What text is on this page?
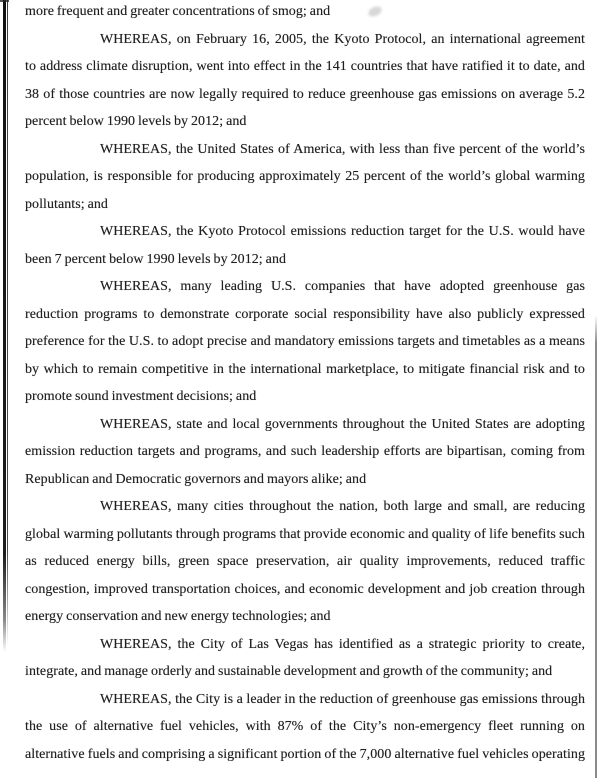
more frequent and greater concentrations of smog; and
WHEREAS, on February 16, 2005, the Kyoto Protocol, an international agreement
to address climate disruption, went into effect in the 141 countries that have ratified it to date, and
38 of those countries are now legally required to reduce greenhouse gas emissions on average 5.2
percent below 1990 levels by 2012; and
WHEREAS, the United States of America, with less than five percent of the world’s
population, is responsible for producing approximately 25 percent of the world’s global warming
pollutants; and
WHEREAS, the Kyoto Protocol emissions reduction target for the U.S. would have
been 7 percent below 1990 levels by 2012; and
WHEREAS, many leading U.S. companies that have adopted greenhouse gas
reduction programs to demonstrate corporate social responsibility have also publicly expressed
preference for the U.S. to adopt precise and mandatory emissions targets and timetables as a means
by which to remain competitive in the international marketplace, to mitigate financial risk and to
promote sound investment decisions; and
WHEREAS, state and local governments throughout the United States are adopting
emission reduction targets and programs, and such leadership efforts are bipartisan, coming from
Republican and Democratic governors and mayors alike; and
WHEREAS, many cities throughout the nation, both large and small, are reducing
global warming pollutants through programs that provide economic and quality of life benefits such
as reduced energy bills, green space preservation, air quality improvements, reduced traffic
congestion, improved transportation choices, and economic development and job creation through
energy conservation and new energy technologies; and
WHEREAS, the City of Las Vegas has identified as a strategic priority to create,
integrate, and manage orderly and sustainable development and growth of the community; and
WHEREAS, the City is a leader in the reduction of greenhouse gas emissions through
the use of alternative fuel vehicles, with 87% of the City’s non-emergency fleet running on
alternative fuels and comprising a significant portion of the 7,000 alternative fuel vehicles operating
